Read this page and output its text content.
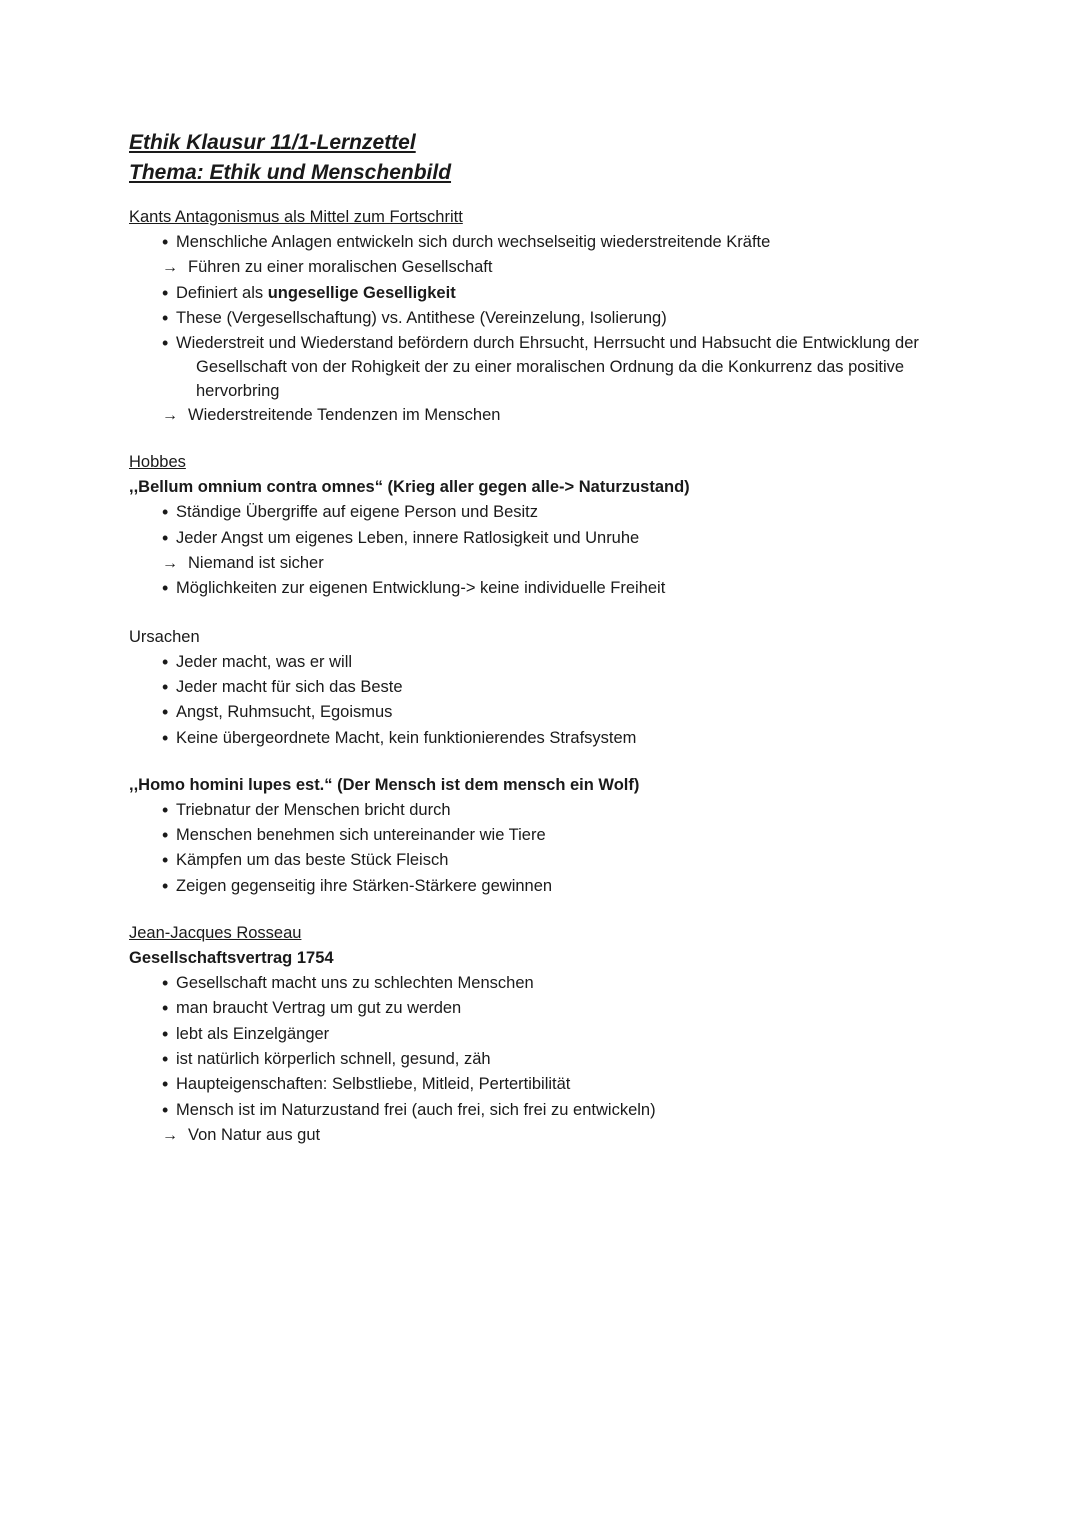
Ethik Klausur 11/1-Lernzettel

Thema: Ethik und Menschenbild

Kants Antagonismus als Mittel zum Fortschritt

• Menschliche Anlagen entwickeln sich durch wechselseitig wiederstreitende Kräfte
→ Führen zu einer moralischen Gesellschaft
• Definiert als ungesellige Geselligkeit
• These (Vergesellschaftung) vs. Antithese (Vereinzelung, Isolierung)
• Wiederstreit und Wiederstand befördern durch Ehrsucht, Herrsucht und Habsucht die Entwicklung der Gesellschaft von der Rohigkeit der zu einer moralischen Ordnung da die Konkurrenz das positive hervorbring
→ Wiederstreitende Tendenzen im Menschen

Hobbes

,,Bellum omnium contra omnes“ (Krieg aller gegen alle-> Naturzustand)

• Ständige Übergriffe auf eigene Person und Besitz
• Jeder Angst um eigenes Leben, innere Ratlosigkeit und Unruhe
→ Niemand ist sicher
• Möglichkeiten zur eigenen Entwicklung-> keine individuelle Freiheit

Ursachen

• Jeder macht, was er will
• Jeder macht für sich das Beste
• Angst, Ruhmsucht, Egoismus
• Keine übergeordnete Macht, kein funktionierendes Strafsystem

,,Homo homini lupes est.“ (Der Mensch ist dem mensch ein Wolf)

• Triebnatur der Menschen bricht durch
• Menschen benehmen sich untereinander wie Tiere
• Kämpfen um das beste Stück Fleisch
• Zeigen gegenseitig ihre Stärken-Stärkere gewinnen

Jean-Jacques Rosseau

Gesellschaftsvertrag 1754

• Gesellschaft macht uns zu schlechten Menschen
• man braucht Vertrag um gut zu werden
• lebt als Einzelgänger
• ist natürlich körperlich schnell, gesund, zäh
• Haupteigenschaften: Selbstliebe, Mitleid, Pertertibilität
• Mensch ist im Naturzustand frei (auch frei, sich frei zu entwickeln)
→ Von Natur aus gut
